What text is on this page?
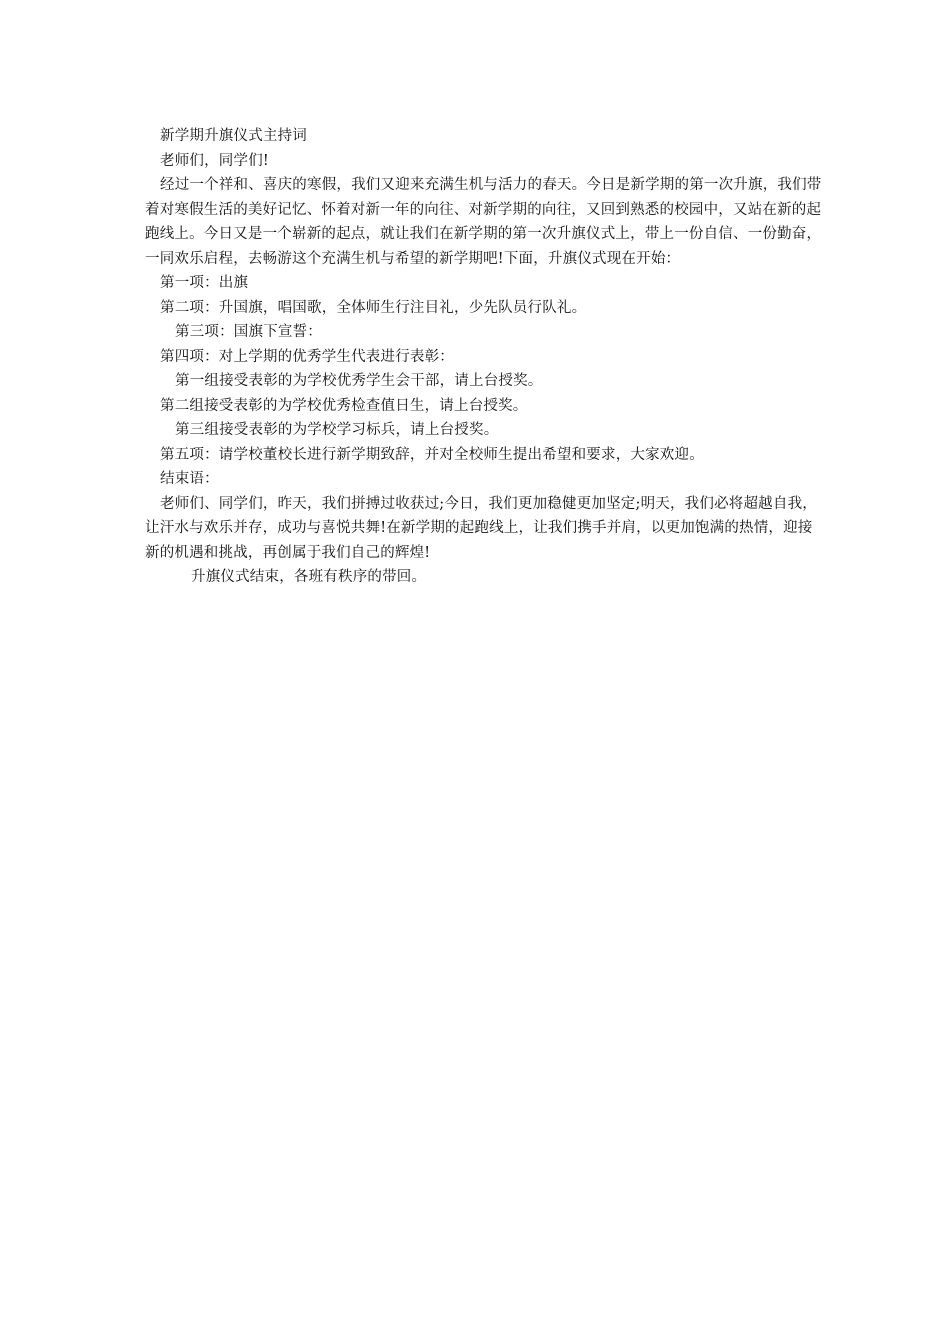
新学期升旗仪式主持词

老师们，同学们!

经过一个祥和、喜庆的寒假，我们又迎来充满生机与活力的春天。今日是新学期的第一次升旗，我们带着对寒假生活的美好记忆、怀着对新一年的向往、对新学期的向往，又回到熟悉的校园中，又站在新的起跑线上。今日又是一个崭新的起点，就让我们在新学期的第一次升旗仪式上，带上一份自信、一份勤奋，一同欢乐启程，去畅游这个充满生机与希望的新学期吧!下面，升旗仪式现在开始：

第一项：出旗

第二项：升国旗，唱国歌，全体师生行注目礼，少先队员行队礼。

第三项：国旗下宣誓：

第四项：对上学期的优秀学生代表进行表彰：

第一组接受表彰的为学校优秀学生会干部，请上台授奖。

第二组接受表彰的为学校优秀检查值日生，请上台授奖。

第三组接受表彰的为学校学习标兵，请上台授奖。

第五项：请学校董校长进行新学期致辞，并对全校师生提出希望和要求，大家欢迎。

结束语：

老师们、同学们，昨天，我们拼搏过收获过;今日，我们更加稳健更加坚定;明天，我们必将超越自我，让汗水与欢乐并存，成功与喜悦共舞!在新学期的起跑线上，让我们携手并肩，以更加饱满的热情，迎接新的机遇和挑战，再创属于我们自己的辉煌!

升旗仪式结束，各班有秩序的带回。
